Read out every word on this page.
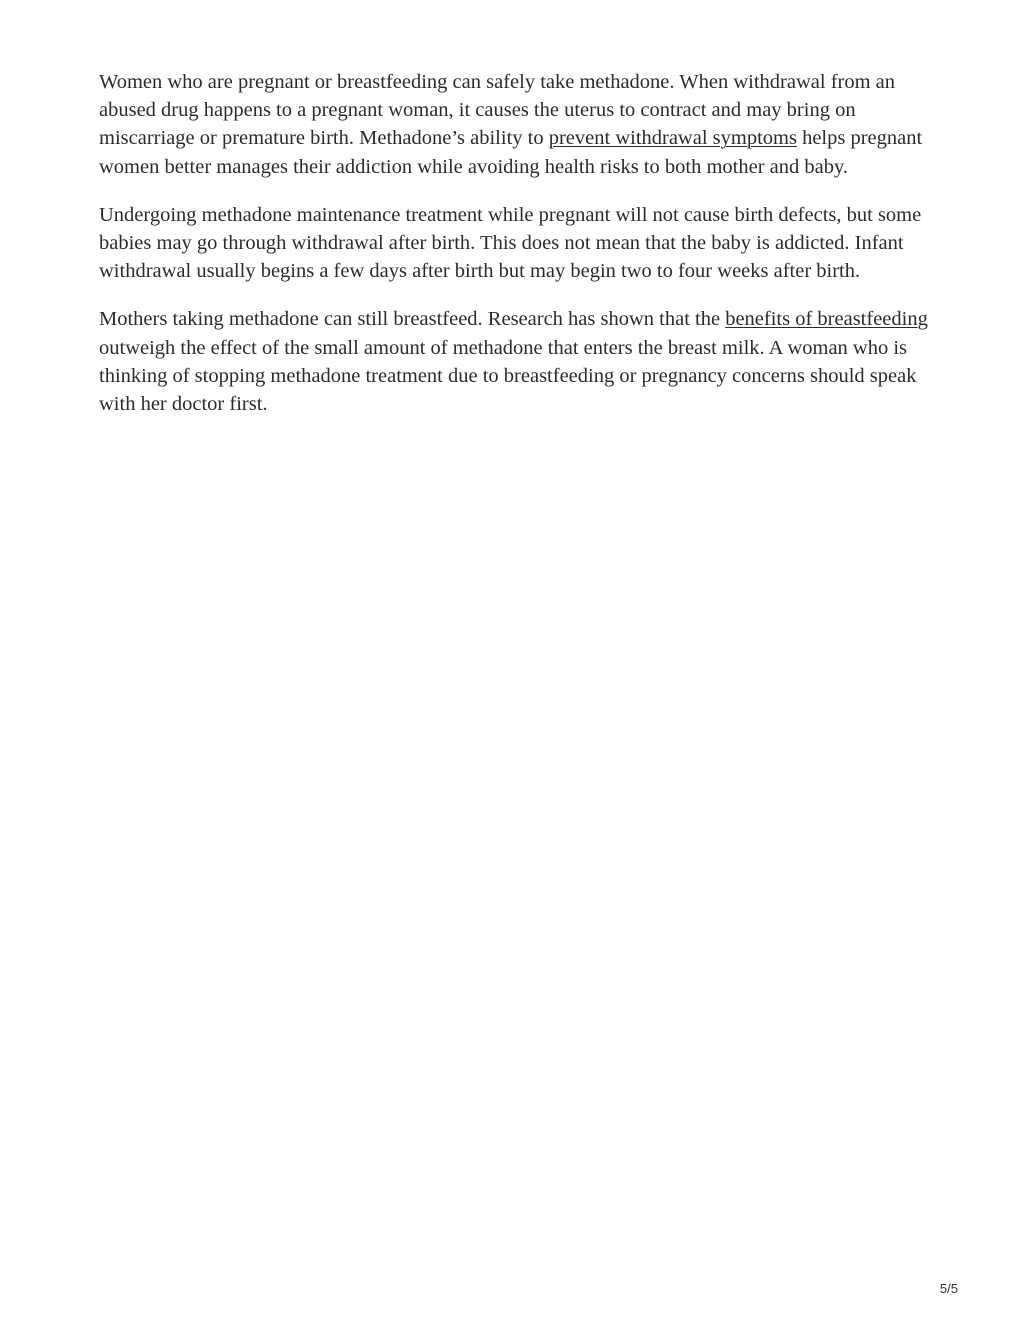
Women who are pregnant or breastfeeding can safely take methadone. When withdrawal from an abused drug happens to a pregnant woman, it causes the uterus to contract and may bring on miscarriage or premature birth. Methadone’s ability to prevent withdrawal symptoms helps pregnant women better manages their addiction while avoiding health risks to both mother and baby.

Undergoing methadone maintenance treatment while pregnant will not cause birth defects, but some babies may go through withdrawal after birth. This does not mean that the baby is addicted. Infant withdrawal usually begins a few days after birth but may begin two to four weeks after birth.

Mothers taking methadone can still breastfeed. Research has shown that the benefits of breastfeeding outweigh the effect of the small amount of methadone that enters the breast milk. A woman who is thinking of stopping methadone treatment due to breastfeeding or pregnancy concerns should speak with her doctor first.

5/5
